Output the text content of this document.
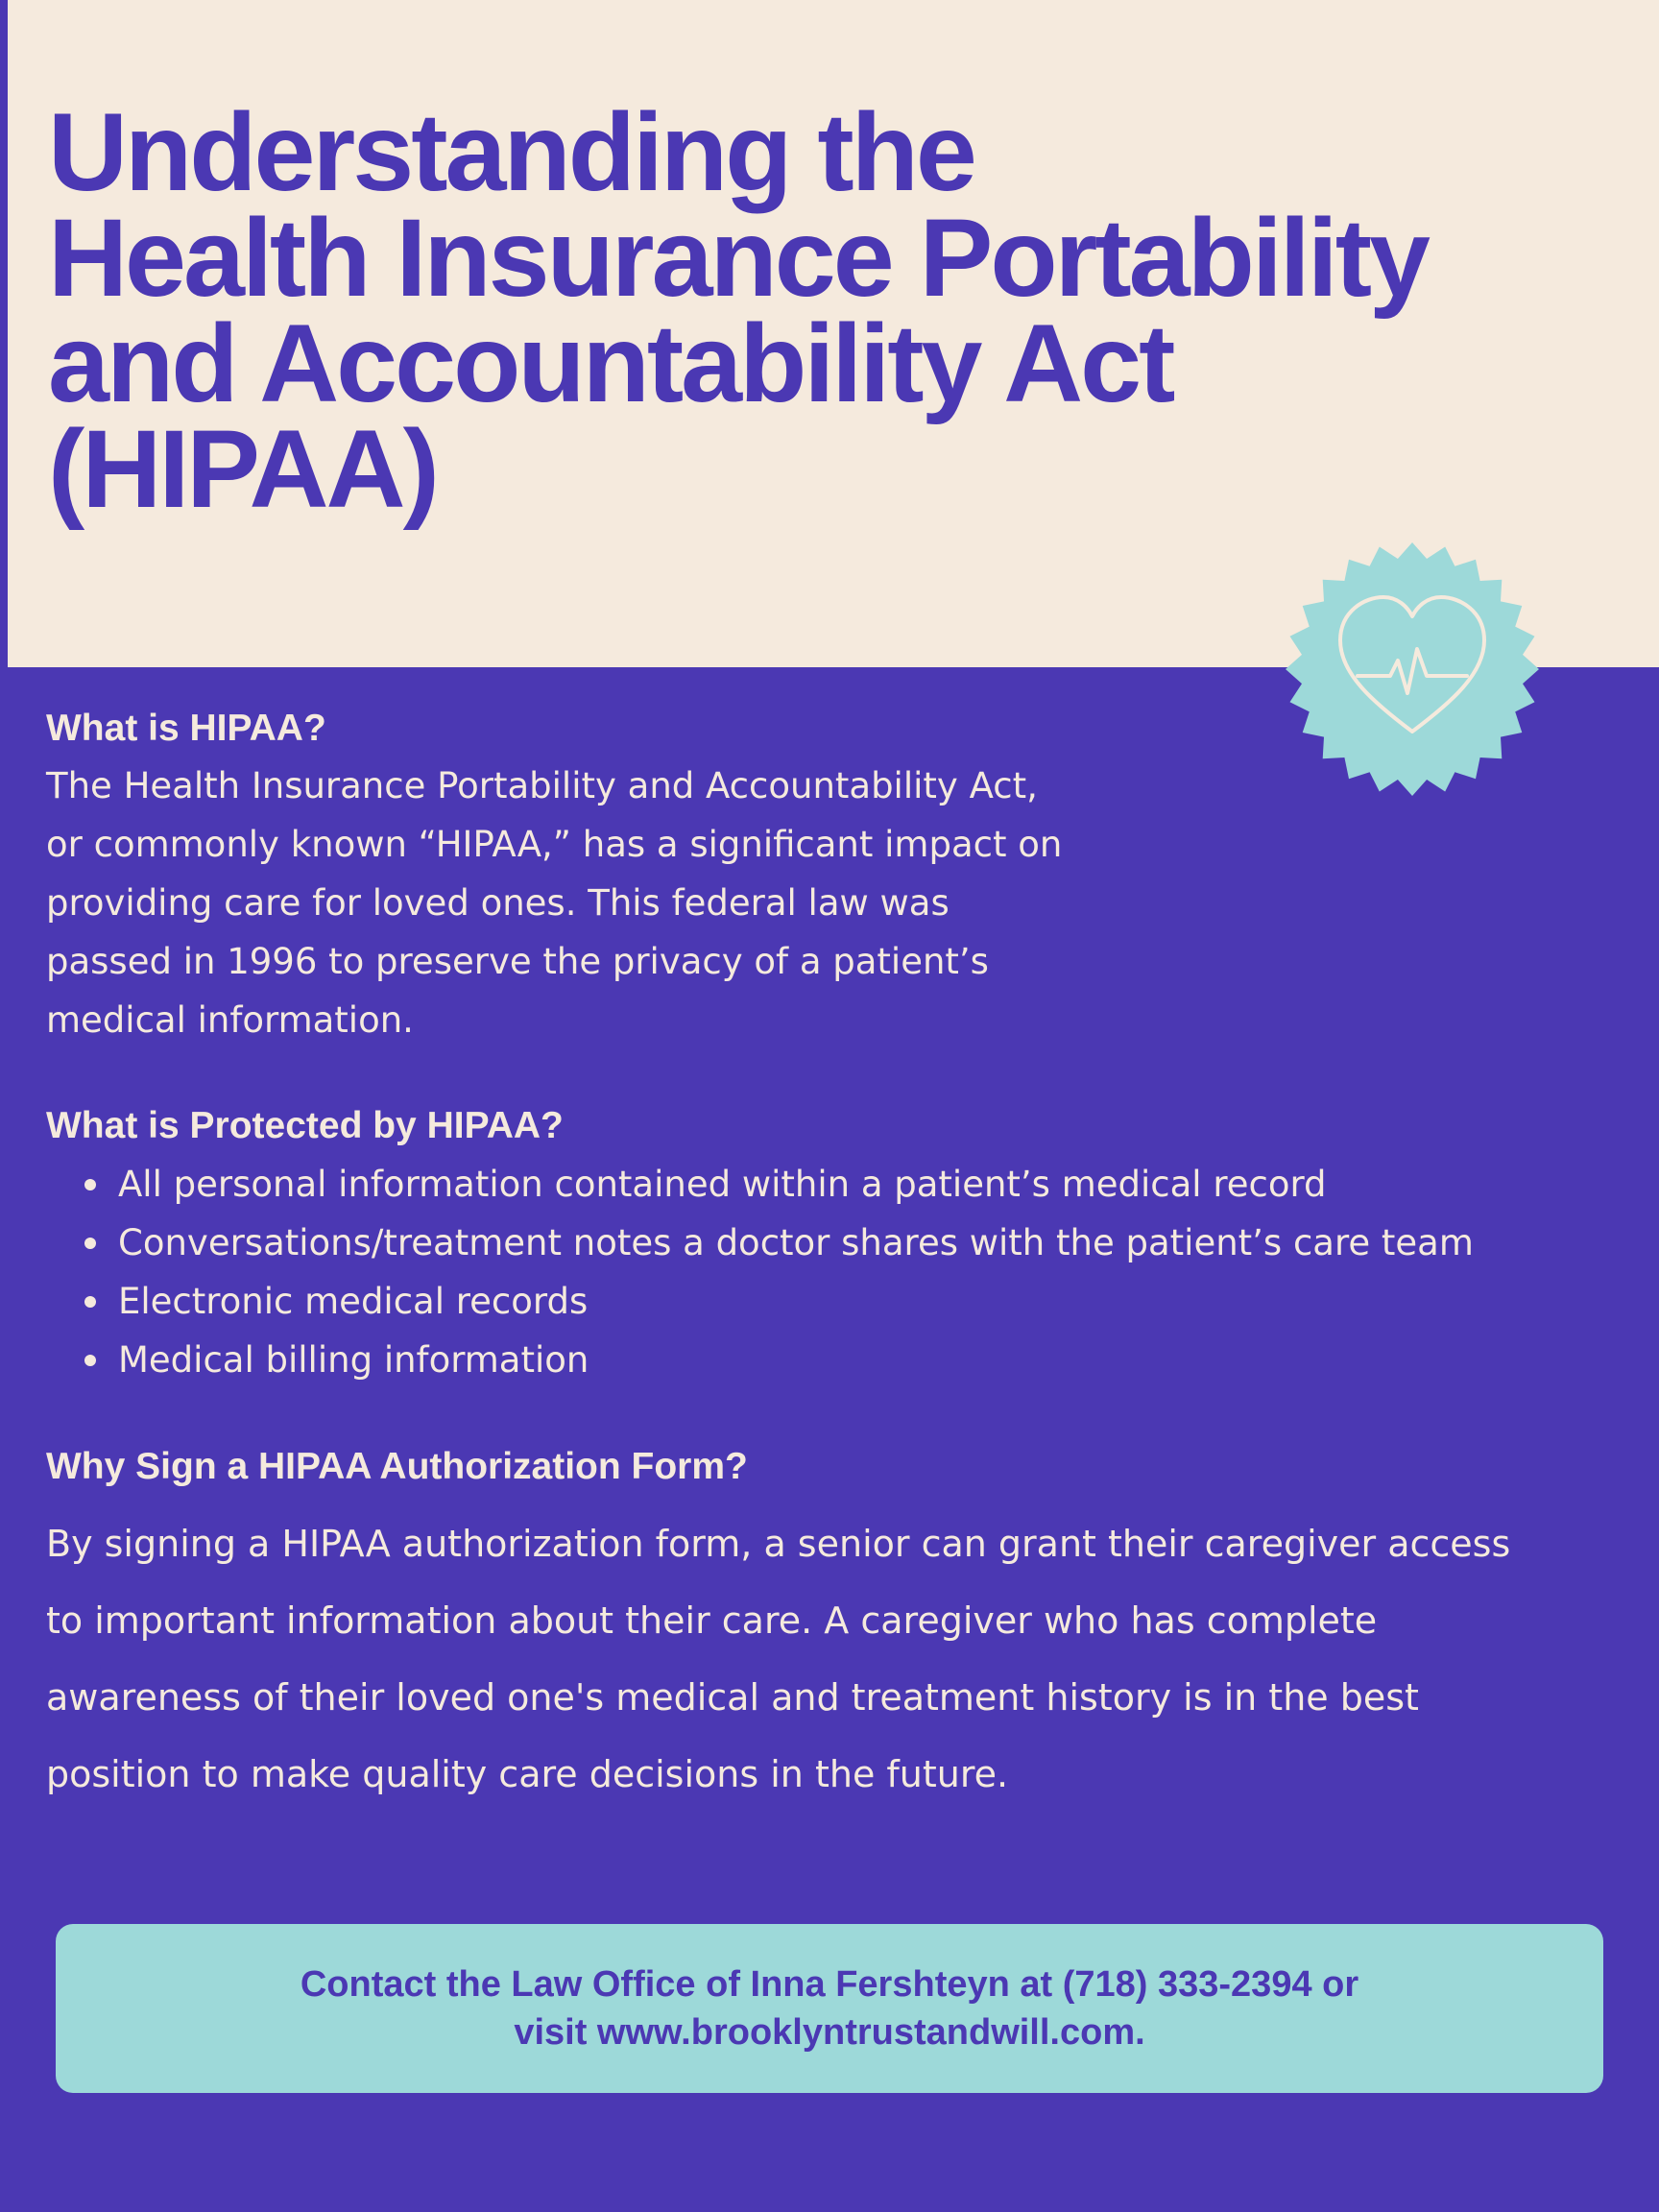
Understanding the
Health Insurance Portability
and Accountability Act
(HIPAA)
What is HIPAA?
The Health Insurance Portability and Accountability Act,
or commonly known “HIPAA,” has a significant impact on
providing care for loved ones. This federal law was
passed in 1996 to preserve the privacy of a patient’s
medical information.
What is Protected by HIPAA?
All personal information contained within a patient’s medical record
Conversations/treatment notes a doctor shares with the patient’s care team
Electronic medical records
Medical billing information
Why Sign a HIPAA Authorization Form?
By signing a HIPAA authorization form, a senior can grant their caregiver access
to important information about their care. A caregiver who has complete
awareness of their loved one's medical and treatment history is in the best
position to make quality care decisions in the future.
Contact the Law Office of Inna Fershteyn at (718) 333-2394 or
visit www.brooklyntrustandwill.com.
